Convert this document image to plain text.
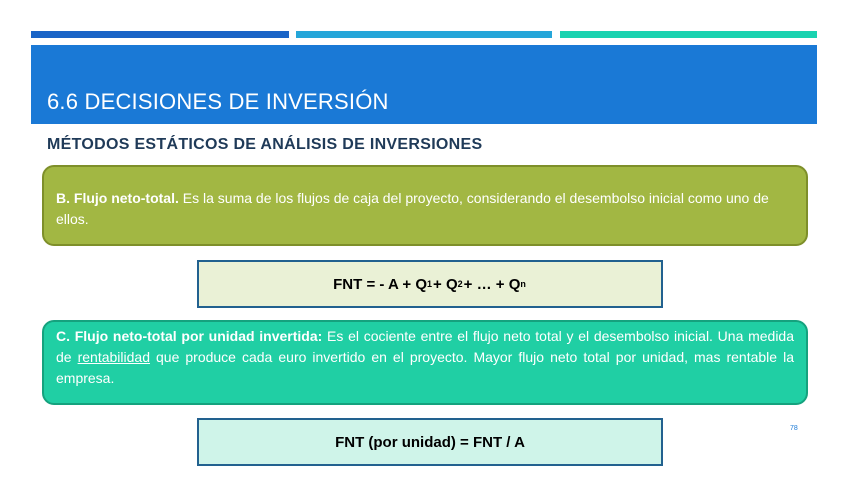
6.6 DECISIONES DE INVERSIÓN
MÉTODOS ESTÁTICOS DE ANÁLISIS DE INVERSIONES
B. Flujo neto-total. Es la suma de los flujos de caja del proyecto, considerando el desembolso inicial como uno de ellos.
FNT = - A + Q 1 + Q 2 + … + Q n
C. Flujo neto-total por unidad invertida: Es el cociente entre el flujo neto total y el desembolso inicial. Una medida de rentabilidad que produce cada euro invertido en el proyecto. Mayor flujo neto total por unidad, mas rentable la empresa.
78
FNT (por unidad) = FNT / A
